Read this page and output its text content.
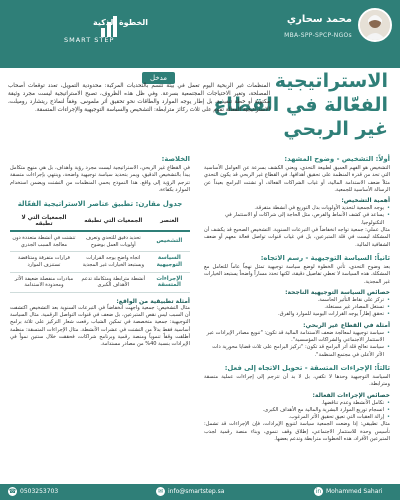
الخطوة الذكية
SMART STEP
محمد سحاري
MBA-SPP-SPCP-NGOs
الاستراتيجية
الفعّالة في القطاع
غير الربحي
مدخل
المنظمات غير الربحية اليوم تعمل في بيئة تتسم بالتحديات المركبة: محدودية التمويل، تعدد توقعات أصحاب المصلحة، وتغير الاحتياجات المجتمعية بسرعة. وفي ظل هذه الظروف، تصبح الاستراتيجية ليست مجرد وثيقة مكتوبة أو خطة تنفيذية، بل إطار يوجه الموارد والطاقات نحو تحقيق أثر ملموس. وفقاً لنماذج ريتشارد روميلت، الاستراتيجية الفعالة تقوم على ثلاث ركائز مترابطة: التشخيص والسياسة التوجيهية والإجراءات المتسقة.
أولاً: التشخيص - وضوح المشهد:
التشخيص هو الفهم العميق لطبيعة التحدي، ويعني الكشف بسرعة عن العوامل الأساسية التي تحد من قدرة المنظمة على تحقيق أهدافها. في القطاع غير الربحي قد يكون التحدي مثلاً ضعف الاستدامة المالية، أو غياب الشراكات الفعالة، أو تشتت البرامج بعيداً عن الرسالة الأساسية للجمعية.
أهمية التشخيص:
• يوجه الجمعية لتحديد الأولويات بدل التوزيع في أنشطة متفرقة.
• يساعد في كشف الأنماط والفرص، مثل الحاجة إلى شراكات أو الاستثمار في التكنولوجيا.
مثال عملي: جمعية تواجه انخفاضاً في التبرعات السنوية. التشخيص الصحيح قد يكشف أن المشكلة ليست في قلة المتبرعين، بل في غياب قنوات تواصل فعالة معهم أو ضعف الشفافية المالية.
ثانياً: السياسة التوجيهية - رسم الاتجاه:
بعد وضوح التحدي، تأتي الخطوة لوضع سياسة توجيهية تمثل نهجاً عاماً للتعامل مع المشكلة. هذه السياسة لا تعطي تفاصيل دقيقة، لكنها تحدد مساراً واضحاً يستبعد الخيارات غير المجدية.
خصائص السياسة التوجيهية الناجحة:
• تركز على نقاط التأثير الحاسمة.
• تستغل المصادر غير مستغلة.
• تحقق إطاراً يوجه القرارات اليومية للموارد والفرق.
أمثلة في القطاع غير الربحي:
• سياسة توجيهية لمعالجة ضعف الاستدامة المالية قد تكون: "تنويع مصادر الإيرادات عبر الاستثمار الاجتماعي والشراكات المؤسسية".
• سياسة تعالج قلة أثر البرامج قد تكون: "تركيز البرامج على ثلاث قضايا محورية ذات الأثر الأعلى في مجتمع المنظمة".
ثالثاً: الإجراءات المتسقة - تحويل الاتجاه إلى فعل:
السياسة التوجيهية وحدها لا تكفي، بل لا بد أن تترجم إلى إجراءات عملية متسقة ومترابطة.
خصائص الإجراءات الفعالة:
• تكامل الأنشطة وعدم تناقضها.
• انسجام توزيع الموارد البشرية والمالية مع الأهداف الكبرى.
• إزالة العقبات التي تعيق تحقيق الأثر المرغوب.
مثال تطبيقي: إذا وضعت الجمعية سياسة لتنويع الإيرادات، فإن الإجراءات قد تشمل: تأسيس وحدة للاستثمار الاجتماعي، إطلاق وقف تنموي، وبناء منصة رقمية لجذب المتبرعين الأفراد، هذه الخطوات مترابطة وتدعم بعضها.
الخلاصة:
في القطاع غير الربحي، الاستراتيجية ليست مجرد رؤية وأهداف، بل هي منهج متكامل يبدأ بالتشخيص الدقيق، ويمر بتحديد سياسة توجيهية واضحة، وينتهي بإجراءات متسقة تترجم الرؤية إلى واقع. هذا النموذج يحمي المنظمات من التشتت ويضمن استخدام الموارد بكفاءة.
جدول مقارن: تطبيق عناصر الاستراتيجية الفعّالة
العنصر	الجمعيات التي تطبقه	الجمعيات التي لا تطبقه
التشخيص	تحديد دقيق للتحدي وتعرف أولويات العمل بوضوح	تتشتت في أنشطة متعددة دون معالجة السبب الجذري
السياسة التوجيهية	اتجاه واضح يوجه القرارات ويستبعد الخيارات غير المجدية	قرارات متفرقة ومتناقضة تستنزف الموارد
الإجراءات المتسقة	أنشطة مترابطة ومتكاملة تدعم الأهداف الكبرى	مبادرات منفصلة ضعيفة الأثر ومحدودة الاستدامة
أمثلة تطبيقية من الواقع:
مثال التشخيص: جمعية واجهت انخفاضاً في التبرعات السنوية بعد التشخيص اكتشفت أن السبب ليس نقص المتبرعين، بل ضعف في قنوات التواصل الرقمية. مثال السياسة التوجيهية: جمعية متخصصة في تمكين الشباب رفعت شعار التركيز على ثلاثة برامج أساسية فقط بدلاً من التشتت في عشرات الأنشطة. مثال الإجراءات المتسقة: منظمة أطلقت وقفاً تنموياً ومنصة رقمية وبرنامج شراكات، فحققت خلال سنتين نمواً في الإيرادات بنسبة 40% من مصادر مستدامة.
☎ 0503253703	✉ info@smartstep.sa	in Mohammed Sahari
